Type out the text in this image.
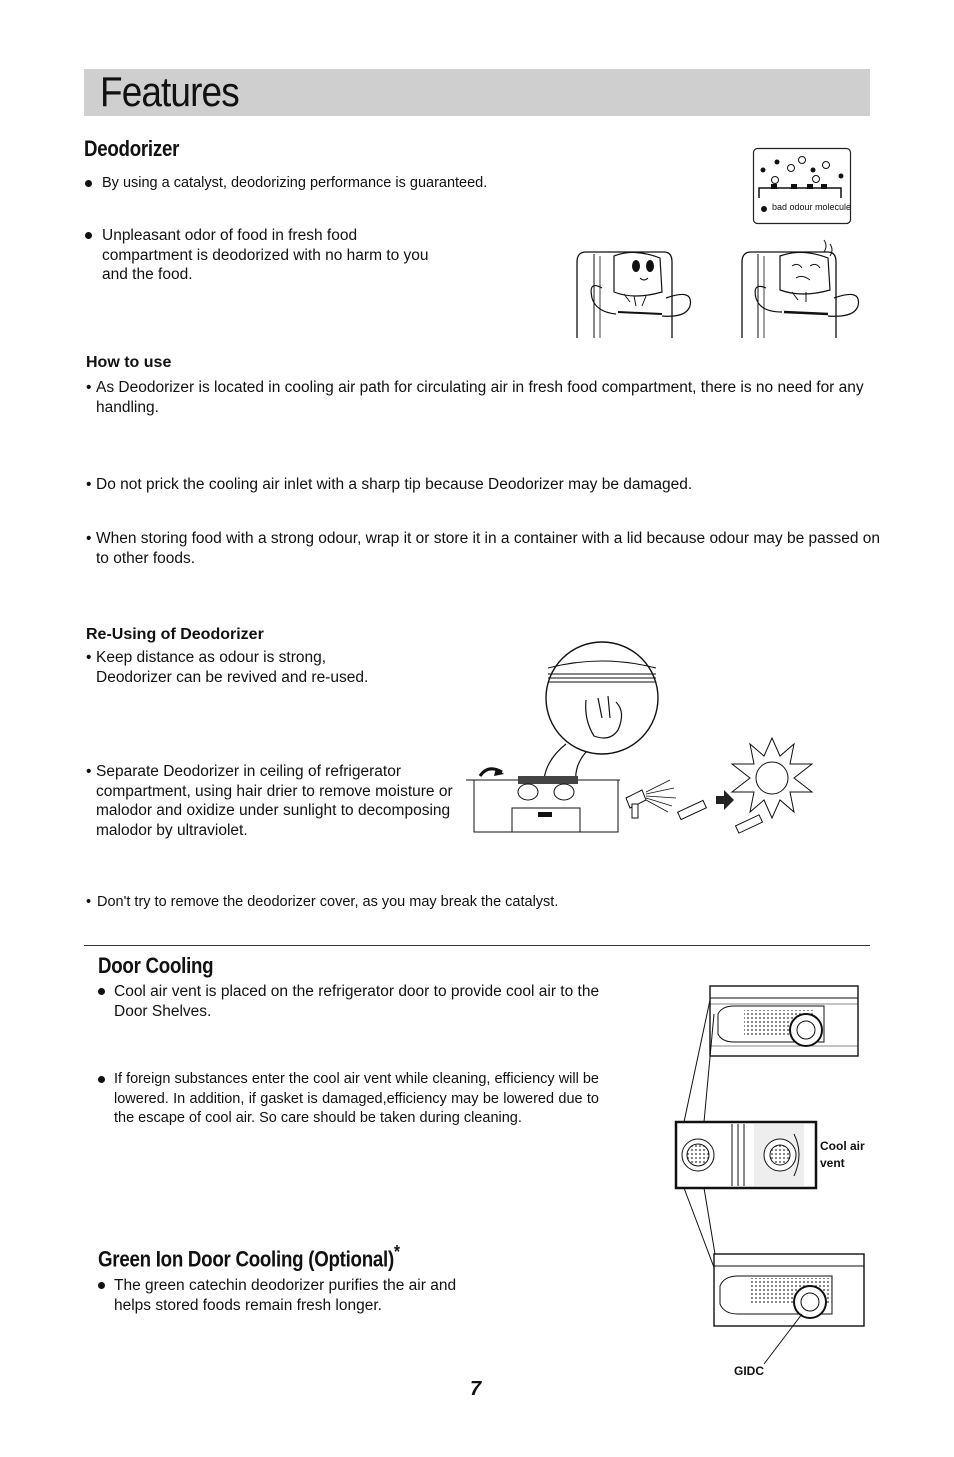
Features
Deodorizer
By using a catalyst, deodorizing performance is guaranteed.
Unpleasant odor of food in fresh food compartment is deodorized with no harm to you and the food.
bad odour molecule
How to use
• As Deodorizer is located in cooling air path for circulating air in fresh food compartment, there is no need for any handling.
• Do not prick the cooling air inlet with a sharp tip because Deodorizer may be damaged.
• When storing food with a strong odour, wrap it or store it in a container with a lid because odour may be passed on to other foods.
Re-Using of Deodorizer
• Keep distance as odour is strong, Deodorizer can be revived and re-used.
• Separate Deodorizer in ceiling of refrigerator compartment, using hair drier to remove moisture or malodor and oxidize under sunlight to decomposing malodor by ultraviolet.
• Don't try to remove the deodorizer cover, as you may break the catalyst.
Door Cooling
Cool air vent is placed on the refrigerator door to provide cool air to the Door Shelves.
If foreign substances enter the cool air vent while cleaning, efficiency will be lowered. In addition, if gasket is damaged,efficiency may be lowered due to the escape of cool air. So care should be taken during cleaning.
Cool air vent
GIDC
Green Ion Door Cooling (Optional)*
The green catechin deodorizer purifies the air and helps stored foods remain fresh longer.
7
